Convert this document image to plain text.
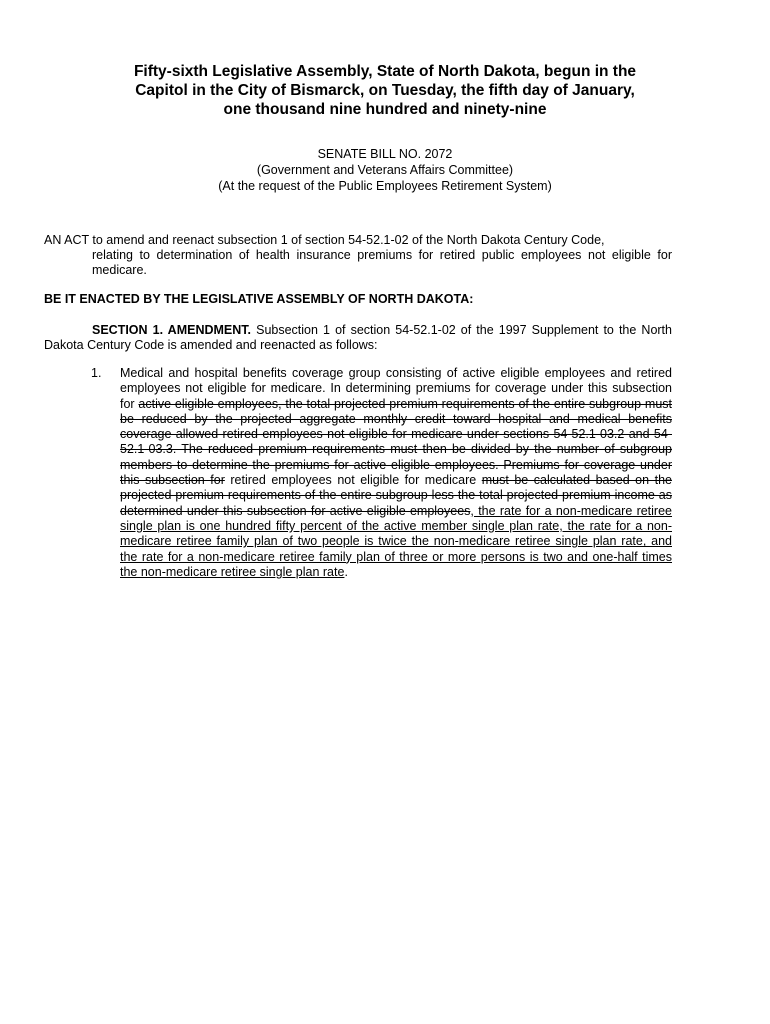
Fifty-sixth Legislative Assembly, State of North Dakota, begun in the
Capitol in the City of Bismarck, on Tuesday, the fifth day of January,
one thousand nine hundred and ninety-nine
SENATE BILL NO. 2072
(Government and Veterans Affairs Committee)
(At the request of the Public Employees Retirement System)
AN ACT to amend and reenact subsection 1 of section 54-52.1-02 of the North Dakota Century Code,
relating to determination of health insurance premiums for retired public employees not eligible for medicare.
BE IT ENACTED BY THE LEGISLATIVE ASSEMBLY OF NORTH DAKOTA:
SECTION 1. AMENDMENT. Subsection 1 of section 54-52.1-02 of the 1997 Supplement to the North Dakota Century Code is amended and reenacted as follows:
1. Medical and hospital benefits coverage group consisting of active eligible employees and retired employees not eligible for medicare. In determining premiums for coverage under this subsection for active eligible employees, the total projected premium requirements of the entire subgroup must be reduced by the projected aggregate monthly credit toward hospital and medical benefits coverage allowed retired employees not eligible for medicare under sections 54-52.1-03.2 and 54-52.1-03.3. The reduced premium requirements must then be divided by the number of subgroup members to determine the premiums for active eligible employees. Premiums for coverage under this subsection for retired employees not eligible for medicare must be calculated based on the projected premium requirements of the entire subgroup less the total projected premium income as determined under this subsection for active eligible employees, the rate for a non-medicare retiree single plan is one hundred fifty percent of the active member single plan rate, the rate for a non-medicare retiree family plan of two people is twice the non-medicare retiree single plan rate, and the rate for a non-medicare retiree family plan of three or more persons is two and one-half times the non-medicare retiree single plan rate.
